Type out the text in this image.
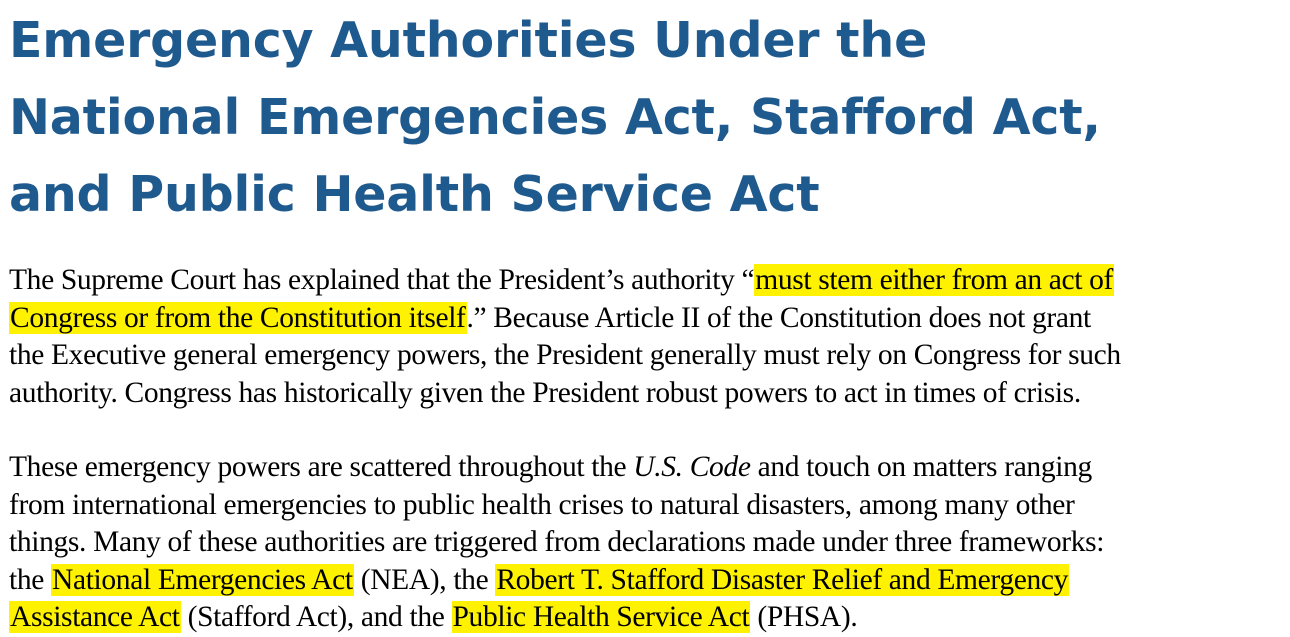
Emergency Authorities Under the
National Emergencies Act, Stafford Act,
and Public Health Service Act

The Supreme Court has explained that the President’s authority “must stem either from an act of
Congress or from the Constitution itself.” Because Article II of the Constitution does not grant
the Executive general emergency powers, the President generally must rely on Congress for such
authority. Congress has historically given the President robust powers to act in times of crisis.

These emergency powers are scattered throughout the U.S. Code and touch on matters ranging
from international emergencies to public health crises to natural disasters, among many other
things. Many of these authorities are triggered from declarations made under three frameworks:
the National Emergencies Act (NEA), the Robert T. Stafford Disaster Relief and Emergency
Assistance Act (Stafford Act), and the Public Health Service Act (PHSA).
